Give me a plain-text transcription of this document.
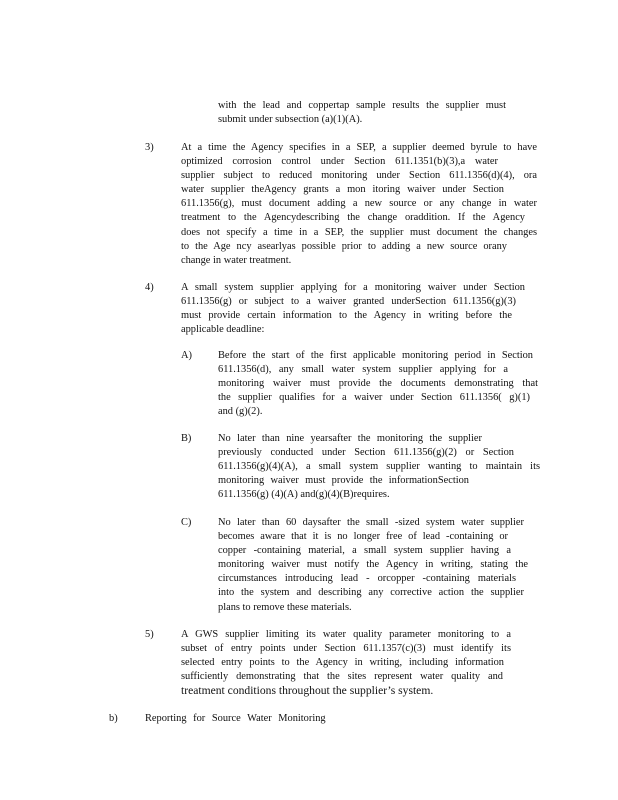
with the lead and coppertap sample results the supplier must
submit under subsection (a)(1)(A).
3)	At a time the Agency specifies in a SEP, a supplier deemed byrule to have
optimized corrosion control under Section 611.1351(b)(3),a water
supplier subject to reduced monitoring under Section 611.1356(d)(4), ora
water supplier theAgency grants a mon itoring waiver under Section
611.1356(g), must document adding a new source or any change in water
treatment to the Agencydescribing the change oraddition. If the Agency
does not specify a time in a SEP, the supplier must document the changes
to the Age ncy asearlyas possible prior to adding a new source orany
change in water treatment.
4)	A small system supplier applying for a monitoring waiver under Section
611.1356(g) or subject to a waiver granted underSection 611.1356(g)(3)
must provide certain information to the Agency in writing before the
applicable deadline:
A)	Before the start of the first applicable monitoring period in Section
611.1356(d), any small water system supplier applying for a
monitoring waiver must provide the documents demonstrating that
the supplier qualifies for a waiver under Section 611.1356( g)(1)
and (g)(2).
B)	No later than nine yearsafter the monitoring the supplier
previously conducted under Section 611.1356(g)(2) or Section
611.1356(g)(4)(A), a small system supplier wanting to maintain its
monitoring waiver must provide the informationSection
611.1356(g) (4)(A) and(g)(4)(B)requires.
C)	No later than 60 daysafter the small -sized system water supplier
becomes aware that it is no longer free of lead -containing or
copper -containing material, a small system supplier having a
monitoring waiver must notify the Agency in writing, stating the
circumstances introducing lead - orcopper -containing materials
into the system and describing any corrective action the supplier
plans to remove these materials.
5)	A GWS supplier limiting its water quality parameter monitoring to a
subset of entry points under Section 611.1357(c)(3) must identify its
selected entry points to the Agency in writing, including information
sufficiently demonstrating that the sites represent water quality and
treatment conditions throughout the supplier’s system.
b)	Reporting for Source Water Monitoring
